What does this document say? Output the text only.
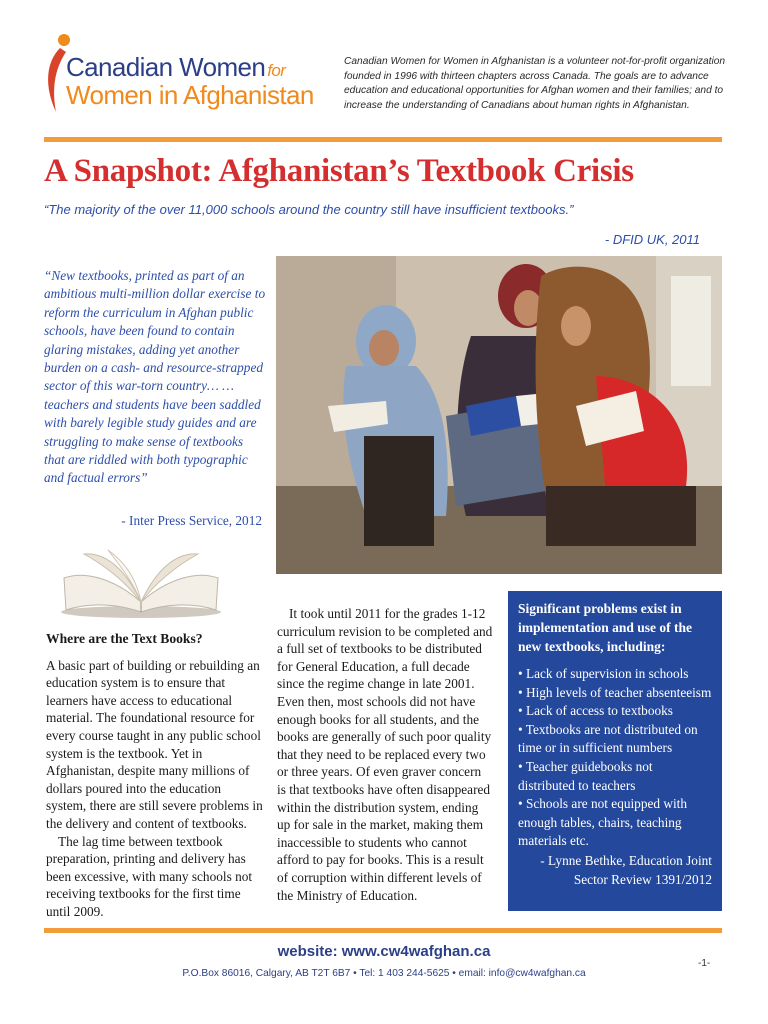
Canadian Women for
Women in Afghanistan
Canadian Women for Women in Afghanistan is a volunteer not-for-profit organization founded in 1996 with thirteen chapters across Canada. The goals are to advance education and educational opportunities for Afghan women and their families; and to increase the understanding of Canadians about human rights in Afghanistan.
A Snapshot: Afghanistan’s Textbook Crisis
“The majority of the over 11,000 schools around the country still have insufficient textbooks.”
- DFID UK, 2011
“New textbooks, printed as part of an ambitious multi-million dollar exercise to reform the curriculum in Afghan public schools, have been found to contain glaring mistakes, adding yet another burden on a cash- and resource-strapped sector of this war-torn country… …teachers and students have been saddled with barely legible study guides and are struggling to make sense of textbooks that are riddled with both typographic and factual errors”
- Inter Press Service, 2012
Where are the Text Books?

A basic part of building or rebuilding an education system is to ensure that learners have access to educational material. The foundational resource for every course taught in any public school system is the textbook. Yet in Afghanistan, despite many millions of dollars poured into the education system, there are still severe problems in the delivery and content of textbooks.

The lag time between textbook preparation, printing and delivery has been excessive, with many schools not receiving textbooks for the first time until 2009.

It took until 2011 for the grades 1-12 curriculum revision to be completed and a full set of textbooks to be distributed for General Education, a full decade since the regime change in late 2001. Even then, most schools did not have enough books for all students, and the books are generally of such poor quality that they need to be replaced every two or three years. Of even graver concern is that textbooks have often disappeared within the distribution system, ending up for sale in the market, making them inaccessible to students who cannot afford to pay for books. This is a result of corruption within different levels of the Ministry of Education.

Significant problems exist in implementation and use of the new textbooks, including:
• Lack of supervision in schools
• High levels of teacher absenteeism
• Lack of access to textbooks
• Textbooks are not distributed on time or in sufficient numbers
• Teacher guidebooks not distributed to teachers
• Schools are not equipped with enough tables, chairs, teaching materials etc.
- Lynne Bethke, Education Joint
Sector Review 1391/2012
website: www.cw4wafghan.ca
P.O.Box 86016, Calgary, AB T2T 6B7 • Tel: 1 403 244-5625 • email: info@cw4wafghan.ca
-1-
